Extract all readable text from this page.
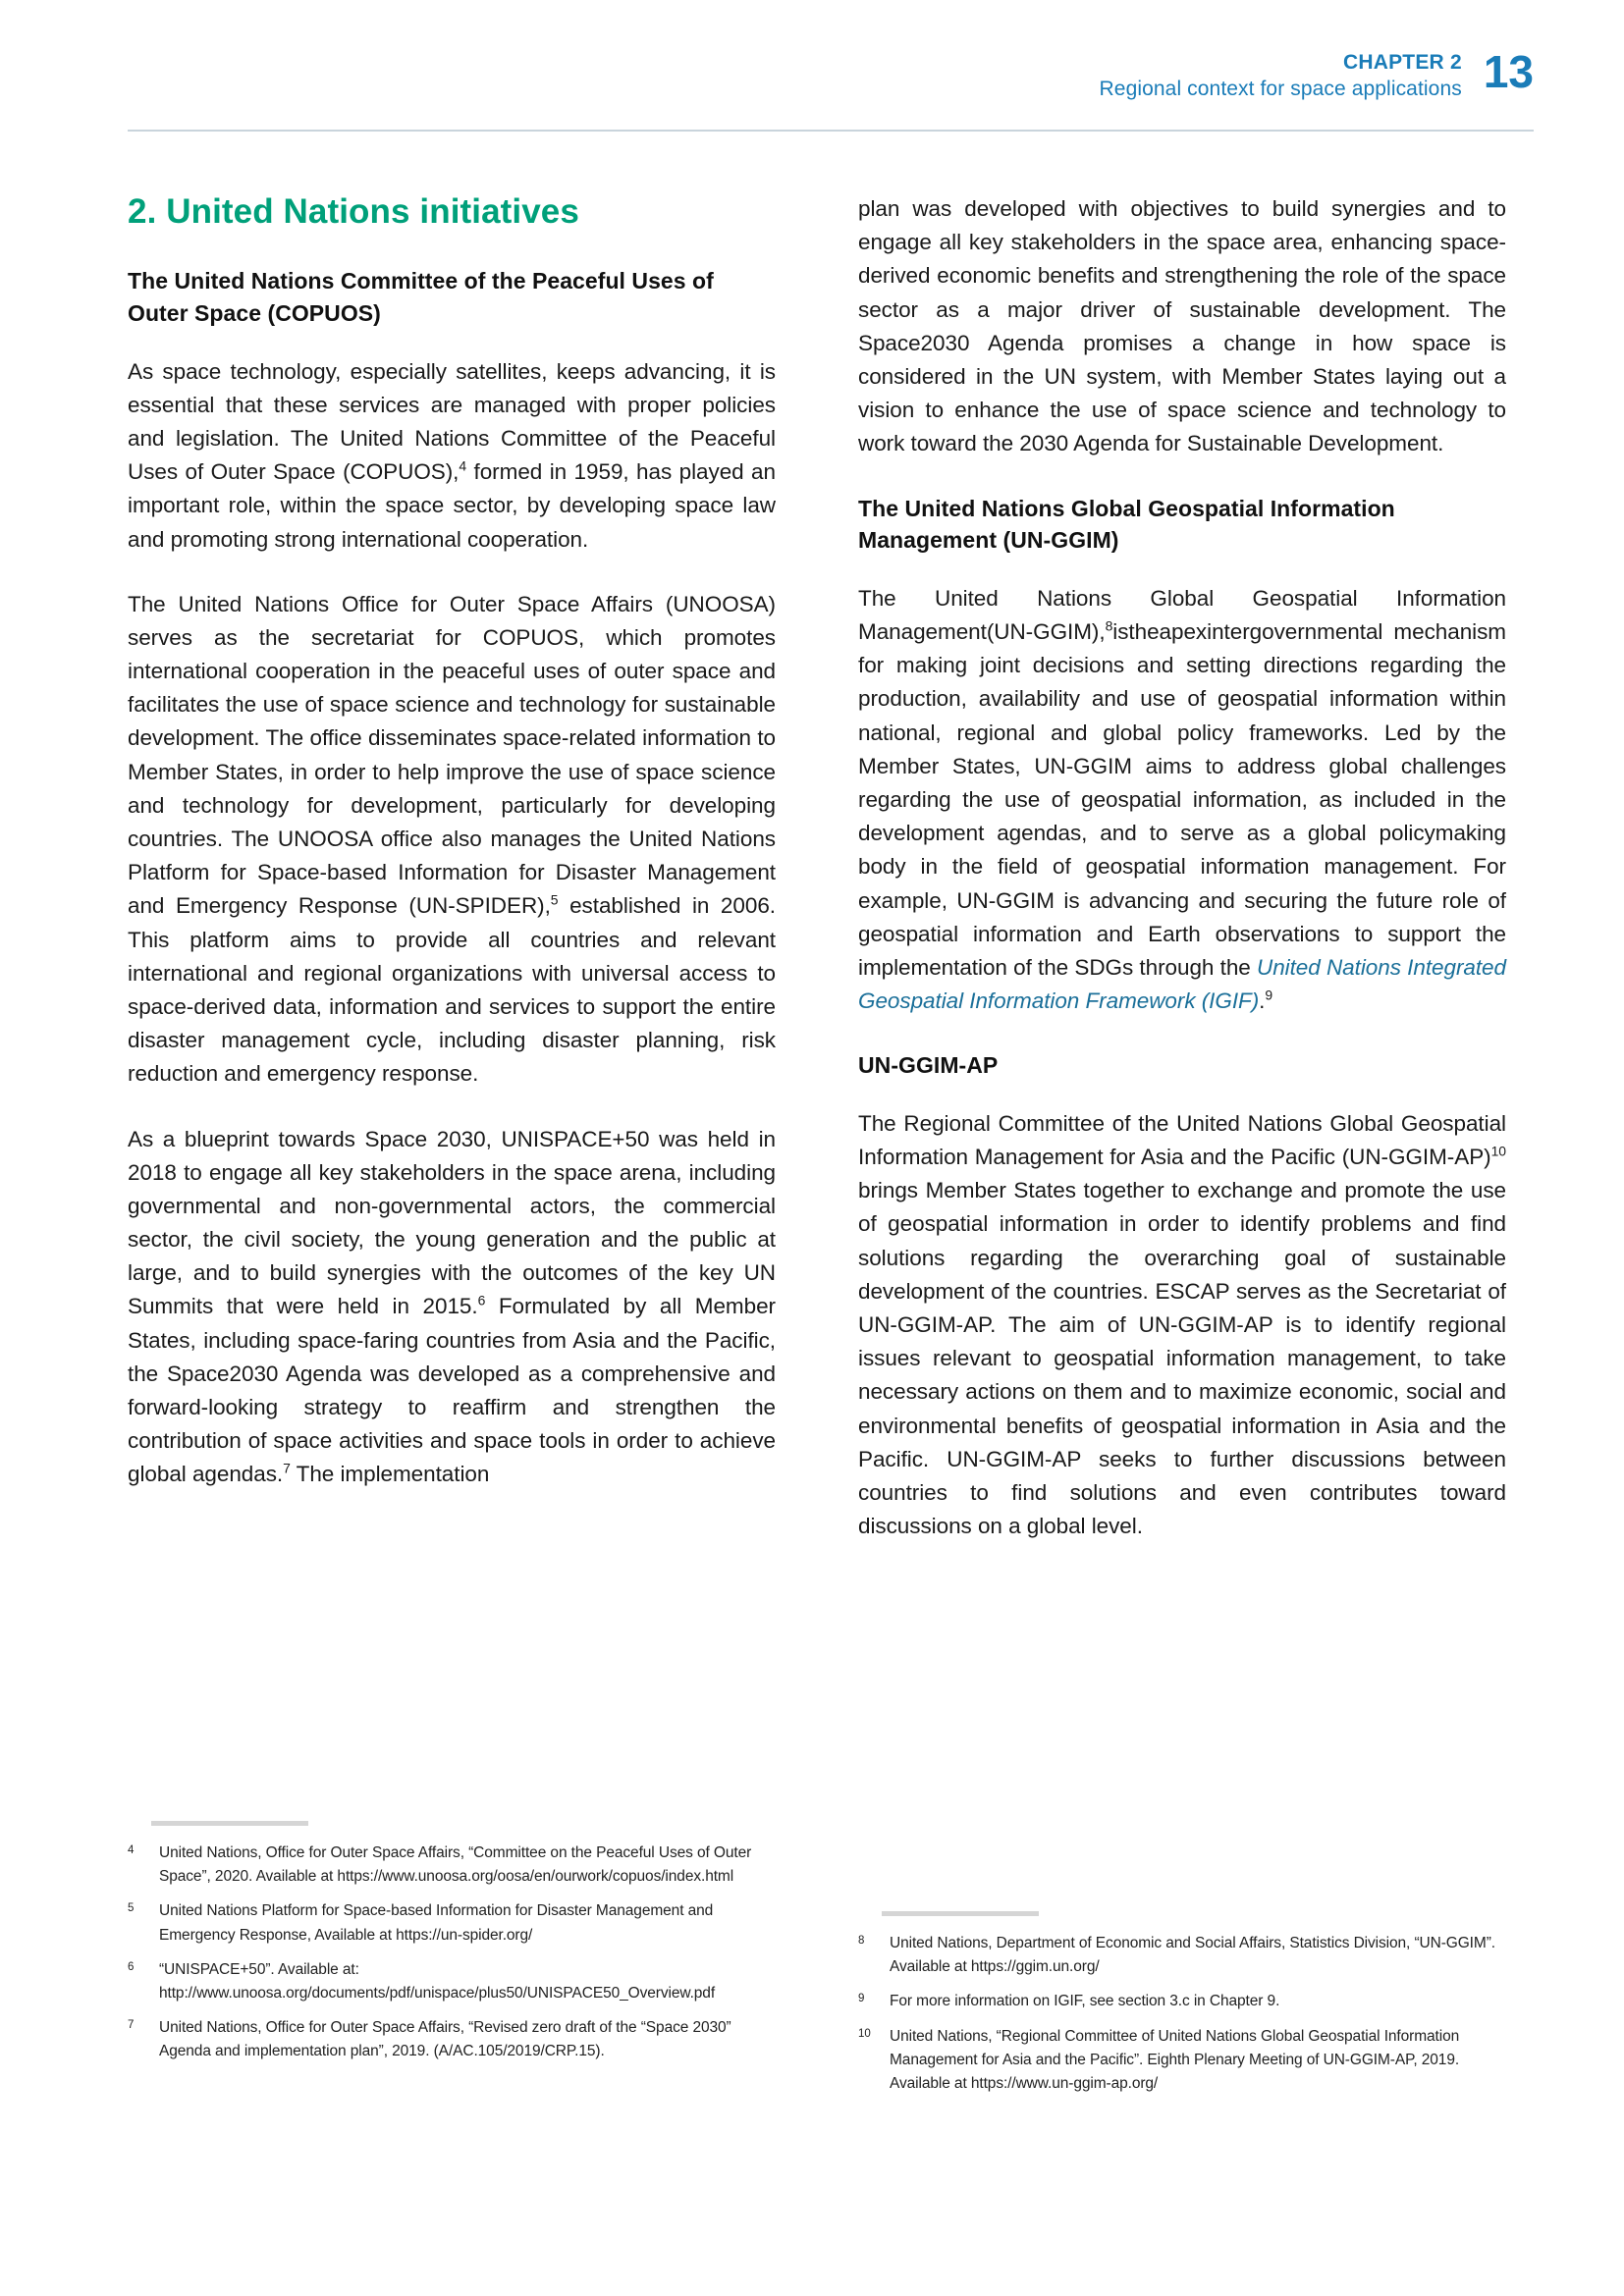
CHAPTER 2
Regional context for space applications 13
2. United Nations initiatives
The United Nations Committee of the Peaceful Uses of Outer Space (COPUOS)

As space technology, especially satellites, keeps advancing, it is essential that these services are managed with proper policies and legislation. The United Nations Committee of the Peaceful Uses of Outer Space (COPUOS),$^4$ formed in 1959, has played an important role, within the space sector, by developing space law and promoting strong international cooperation.

The United Nations Office for Outer Space Affairs (UNOOSA) serves as the secretariat for COPUOS, which promotes international cooperation in the peaceful uses of outer space and facilitates the use of space science and technology for sustainable development. The office disseminates space-related information to Member States, in order to help improve the use of space science and technology for development, particularly for developing countries. The UNOOSA office also manages the United Nations Platform for Space-based Information for Disaster Management and Emergency Response (UN-SPIDER),$^5$ established in 2006. This platform aims to provide all countries and relevant international and regional organizations with universal access to space-derived data, information and services to support the entire disaster management cycle, including disaster planning, risk reduction and emergency response.

As a blueprint towards Space 2030, UNISPACE+50 was held in 2018 to engage all key stakeholders in the space arena, including governmental and non-governmental actors, the commercial sector, the civil society, the young generation and the public at large, and to build synergies with the outcomes of the key UN Summits that were held in 2015.$^6$ Formulated by all Member States, including space-faring countries from Asia and the Pacific, the Space2030 Agenda was developed as a comprehensive and forward-looking strategy to reaffirm and strengthen the contribution of space activities and space tools in order to achieve global agendas.$^7$ The implementation

plan was developed with objectives to build synergies and to engage all key stakeholders in the space area, enhancing space-derived economic benefits and strengthening the role of the space sector as a major driver of sustainable development. The Space2030 Agenda promises a change in how space is considered in the UN system, with Member States laying out a vision to enhance the use of space science and technology to work toward the 2030 Agenda for Sustainable Development.

The United Nations Global Geospatial Information Management (UN-GGIM)

The United Nations Global Geospatial Information Management(UN-GGIM),$^8$istheapexintergovernmental mechanism for making joint decisions and setting directions regarding the production, availability and use of geospatial information within national, regional and global policy frameworks. Led by the Member States, UN-GGIM aims to address global challenges regarding the use of geospatial information, as included in the development agendas, and to serve as a global policymaking body in the field of geospatial information management. For example, UN-GGIM is advancing and securing the future role of geospatial information and Earth observations to support the implementation of the SDGs through the United Nations Integrated Geospatial Information Framework (IGIF).$^9$

UN-GGIM-AP

The Regional Committee of the United Nations Global Geospatial Information Management for Asia and the Pacific (UN-GGIM-AP)$^{10}$ brings Member States together to exchange and promote the use of geospatial information in order to identify problems and find solutions regarding the overarching goal of sustainable development of the countries. ESCAP serves as the Secretariat of UN-GGIM-AP. The aim of UN-GGIM-AP is to identify regional issues relevant to geospatial information management, to take necessary actions on them and to maximize economic, social and environmental benefits of geospatial information in Asia and the Pacific. UN-GGIM-AP seeks to further discussions between countries to find solutions and even contributes toward discussions on a global level.

4	United Nations, Office for Outer Space Affairs, “Committee on the Peaceful Uses of Outer Space”, 2020. Available at https://www.unoosa.org/oosa/en/ourwork/copuos/index.html
5	United Nations Platform for Space-based Information for Disaster Management and Emergency Response, Available at https://un-spider.org/
6	“UNISPACE+50”. Available at: http://www.unoosa.org/documents/pdf/unispace/plus50/UNISPACE50_Overview.pdf
7	United Nations, Office for Outer Space Affairs, “Revised zero draft of the “Space 2030” Agenda and implementation plan”, 2019. (A/AC.105/2019/CRP.15).
8	United Nations, Department of Economic and Social Affairs, Statistics Division, “UN-GGIM”. Available at https://ggim.un.org/
9	For more information on IGIF, see section 3.c in Chapter 9.
10	United Nations, “Regional Committee of United Nations Global Geospatial Information Management for Asia and the Pacific”. Eighth Plenary Meeting of UN-GGIM-AP, 2019. Available at https://www.un-ggim-ap.org/
